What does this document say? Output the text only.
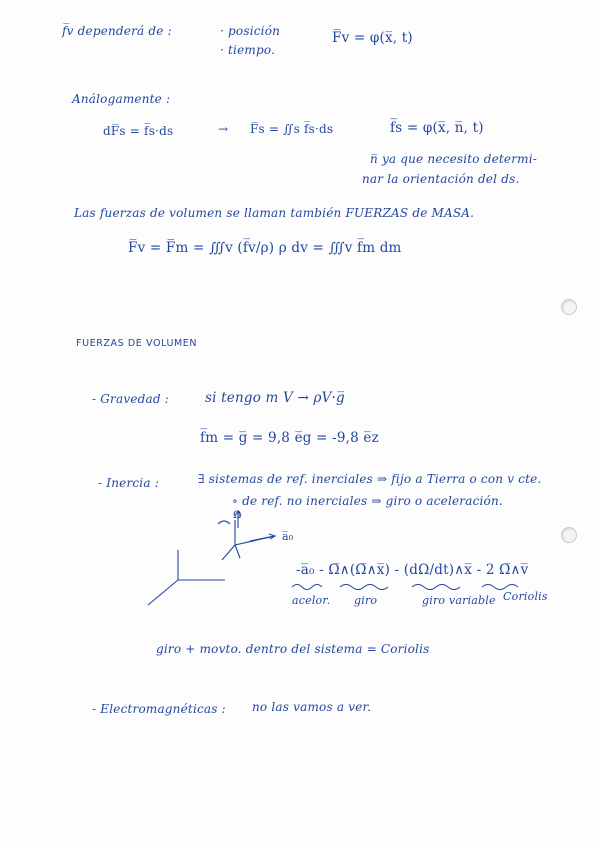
f̅v dependerá de :	· posición
· tiempo.
F̅v = φ(x̅, t)
Análogamente :
dF̅s = f̅s·ds	→ F̅s = ∬s f̅s·ds	f̅s = φ(x̅, n̅, t)
n̅ ya que necesito determi-
nar la orientación del ds.
Las fuerzas de volumen se llaman también FUERZAS de MASA.
F̅v = F̅m = ∭v (f̅v/ρ) ρ dv = ∭v f̅m dm
FUERZAS DE VOLUMEN
- Gravedad :	si tengo m V → ρV·g̅
f̅m = g̅ = 9,8 e̅g = -9,8 e̅z
- Inercia :	∃ sistemas de ref. inerciales ⇒ fijo a Tierra o con v cte.
∘ de ref. no inerciales ⇒ giro o aceleración.
Ω
a̅₀
-a̅₀ - Ω̅∧(Ω̅∧x̅) - (dΩ/dt)∧x̅ - 2 Ω̅∧v̅
acelor. giro	giro variable Coriolis
giro + movto. dentro del sistema = Coriolis
- Electromagnéticas : no las vamos a ver.
